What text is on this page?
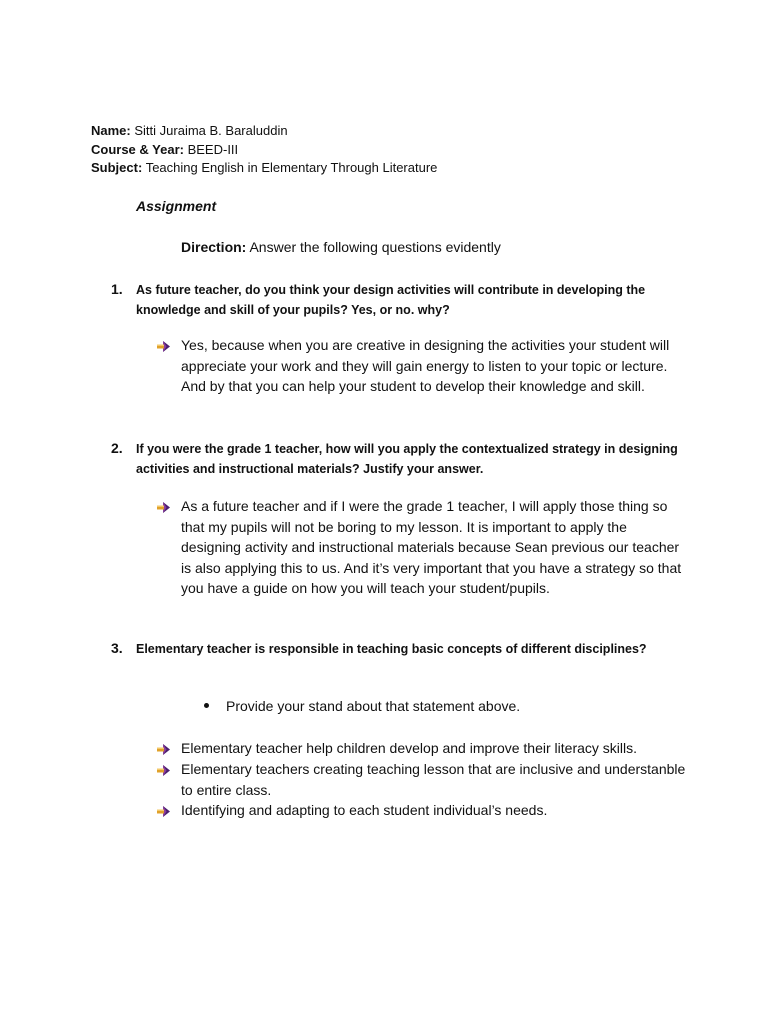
Name: Sitti Juraima B. Baraluddin
Course & Year: BEED-III
Subject: Teaching English in Elementary Through Literature
Assignment
Direction: Answer the following questions evidently
1. As future teacher, do you think your design activities will contribute in developing the knowledge and skill of your pupils? Yes, or no. why?
Yes, because when you are creative in designing the activities your student will appreciate your work and they will gain energy to listen to your topic or lecture. And by that you can help your student to develop their knowledge and skill.
2. If you were the grade 1 teacher, how will you apply the contextualized strategy in designing activities and instructional materials? Justify your answer.
As a future teacher and if I were the grade 1 teacher, I will apply those thing so that my pupils will not be boring to my lesson. It is important to apply the designing activity and instructional materials because Sean previous our teacher is also applying this to us. And it’s very important that you have a strategy so that you have a guide on how you will teach your student/pupils.
3. Elementary teacher is responsible in teaching basic concepts of different disciplines?
Provide your stand about that statement above.
Elementary teacher help children develop and improve their literacy skills.
Elementary teachers creating teaching lesson that are inclusive and understanble to entire class.
Identifying and adapting to each student individual’s needs.
